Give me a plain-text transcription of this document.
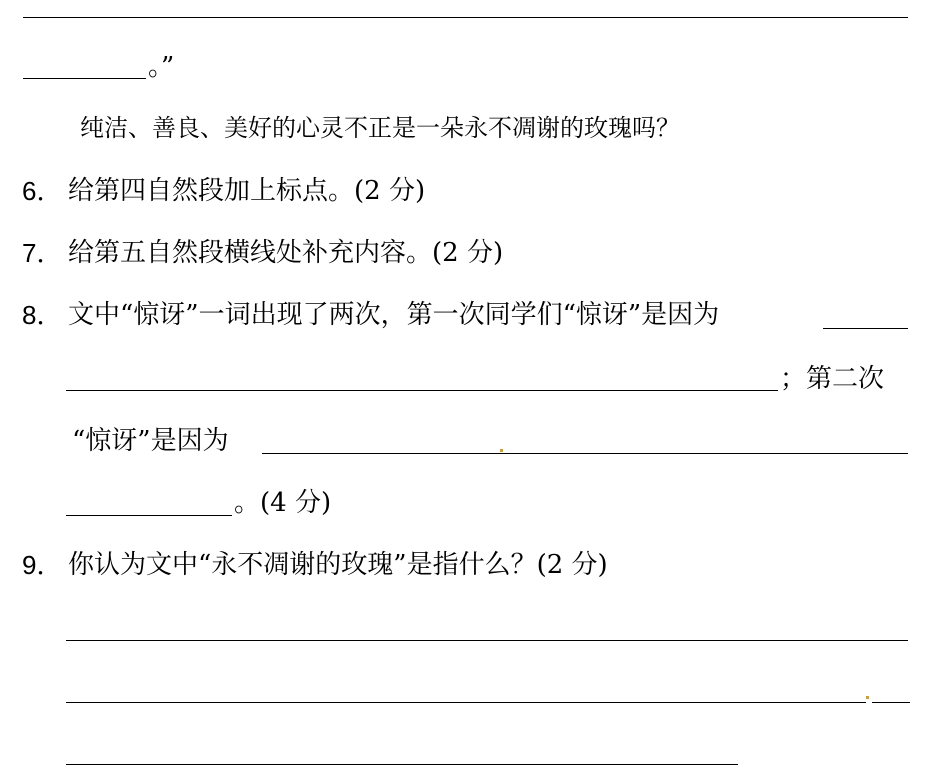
。”
纯洁、善良、美好的心灵不正是一朵永不凋谢的玫瑰吗？
6． 给第四自然段加上标点。(2 分)
7． 给第五自然段横线处补充内容。(2 分)
8． 文中“惊讶”一词出现了两次，第一次同学们“惊讶”是因为
；第二次
“惊讶”是因为
。(4 分)
9． 你认为文中“永不凋谢的玫瑰”是指什么？(2 分)
